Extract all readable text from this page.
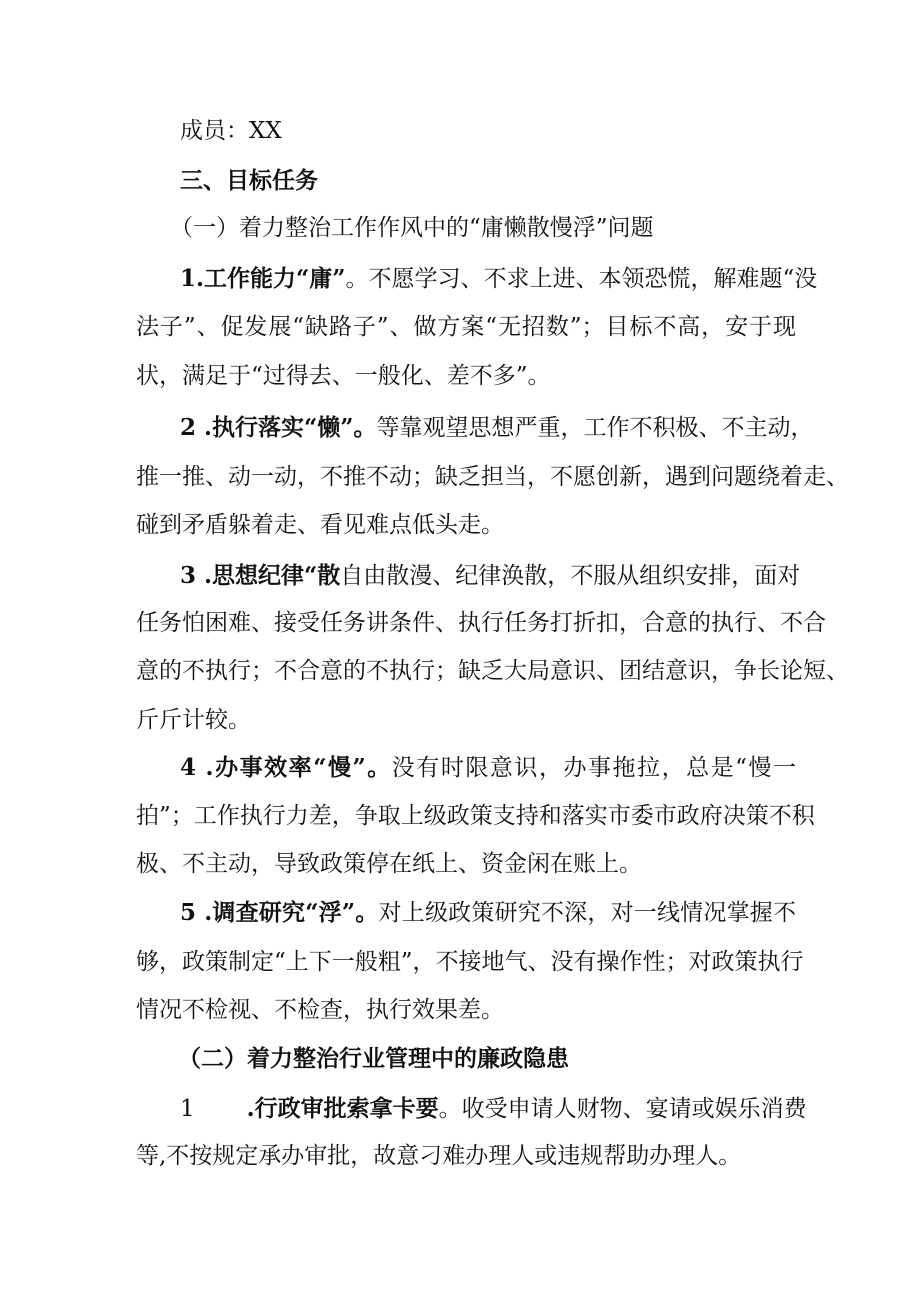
成员：XX
三、目标任务
（一）着力整治工作作风中的“庸懒散慢浮”问题
1.工作能力“庸”。不愿学习、不求上进、本领恐慌，解难题“没
法子”、促发展“缺路子”、做方案“无招数”；目标不高，安于现
状，满足于“过得去、一般化、差不多”。
2 .执行落实“懒”。等靠观望思想严重，工作不积极、不主动，
推一推、动一动，不推不动；缺乏担当，不愿创新，遇到问题绕着走、
碰到矛盾躲着走、看见难点低头走。
3 .思想纪律“散自由散漫、纪律涣散，不服从组织安排，面对
任务怕困难、接受任务讲条件、执行任务打折扣，合意的执行、不合
意的不执行；不合意的不执行；缺乏大局意识、团结意识，争长论短、
斤斤计较。
4 .办事效率“慢”。没有时限意识，办事拖拉，总是“慢一
拍”；工作执行力差，争取上级政策支持和落实市委市政府决策不积
极、不主动，导致政策停在纸上、资金闲在账上。
5 .调查研究“浮”。对上级政策研究不深，对一线情况掌握不
够，政策制定“上下一般粗”，不接地气、没有操作性；对政策执行
情况不检视、不检查，执行效果差。
（二）着力整治行业管理中的廉政隐患
1 .行政审批索拿卡要。收受申请人财物、宴请或娱乐消费
等,不按规定承办审批，故意刁难办理人或违规帮助办理人。
